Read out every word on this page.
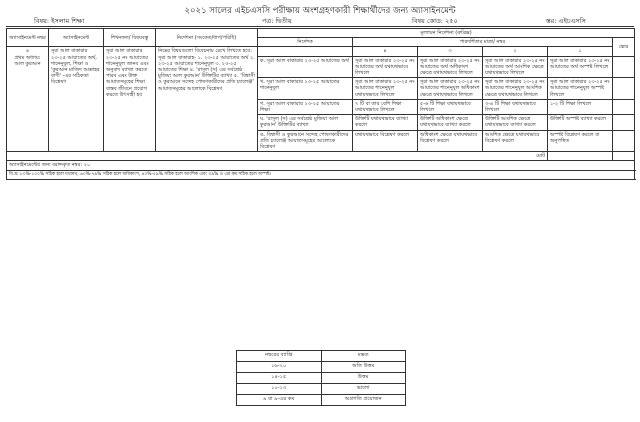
২০২১ সালের এইচএসসি পরীক্ষায় অংশগ্রহণকারী শিক্ষার্থীদের জন্য অ্যাসাইনমেন্ট
বিষয়: ইসলাম শিক্ষা	পত্র: দ্বিতীয়	বিষয় কোড: ২৫০	স্তর: এইচএসসি
অ্যাসাইনমেন্ট নম্বর	অ্যাসাইনমেন্ট	শিখনফল/ বিষয়বস্তু	নির্দেশনা (সংকেত/ধাপ/পরিধি)	মূল্যায়ন নির্দেশনা (রুব্রিক্স)	
				নির্দেশক	পারদর্শিতার মাত্রা/ নম্বর				স্কোর	

৪
প্রথম অধ্যায়: আল কুরআন	সূরা আল বাকারার ২৩-২৫ আয়াতের অর্থ, শানেনুযূল, শিক্ষা ও 'কুরআন মাজিদ আল্লাহর বাণী' -এর সঠিকতা বিশ্লেষণ	সূরা আল বাকারার ২৩-২৫ নং আয়াতের শানেনুযূল জানব এবং অনুবাদ ব্যাখ্যা করতে পারব এবং উক্ত আয়াতসমূহের শিক্ষা বাস্তব জীবনে প্রয়োগ করতে উৎসাহী হব	নিম্নের বিষয়গুলো বিবেচনায় রেখে লিখতে হবে: সূরা আল বাকারাহ- ১. ২৩-২৫ আয়াতের অর্থ ২. ২৩-২৫ আয়াতের শানেনুযূল ৩. ২৩-২৫ আয়াতের শিক্ষা ৪. 'রাসূল (স) এর সর্বশ্রেষ্ঠ মুজিযা আল কুরআন' উক্তিটির ব্যাখ্যা ৫. 'বিশ্বাসী ও কুরআনে সন্দেহ পোষণকারীদের প্রতি চ্যালেঞ্জ' আয়াতসমূহের আলোকে বিশ্লেষণ		৪	৩	২	১		
				ক. সূরা আল বাকারার ২৩-২৫ আয়াতের অর্থ	সূরা আল বাকারার ২৩-২৫ নং আয়াতের অর্থ যথাযথভাবে লিখলে	সূরা আল বাকারার ২৩-২৫ নং আয়াতের অর্থ অধিকাংশ ক্ষেত্রে যথাযথভাবে লিখলে	সূরা আল বাকারার ২৩-২৫ নং আয়াতের অর্থ আংশিক ক্ষেত্রে যথাযথভাবে লিখলে	সূরা আল বাকারার ২৩-২৫ নং আয়াতের অর্থ অস্পষ্ট লিখলে		
				খ. সূরা আল বাকারার ২৩-২৫ আয়াতের শানেনুযূল	সূরা আল বাকারার ২৩-২৫ নং আয়াতের শানেনুযূল যথাযথভাবে লিখলে	সূরা আল বাকারার ২৩-২৫ নং আয়াতের শানেনুযূল অধিকাংশ ক্ষেত্রে যথাযথভাবে লিখলে	সূরা আল বাকারার ২৩-২৫ নং আয়াতের শানেনুযূল আংশিক ক্ষেত্রে যথাযথভাবে লিখলে	সূরা আল বাকারার ২৩-২৫ নং আয়াতের শানেনুযূল অস্পষ্ট লিখলে		
				গ. সূরা আল বাকারার ২৩-২৫ আয়াতের শিক্ষা	৭ টি বা তার বেশি শিক্ষা যথাযথভাবে লিখলে	৫-৬ টি শিক্ষা যথাযথভাবে লিখলে	৩-৪ টি শিক্ষা যথাযথভাবে লিখলে	১-২ টি শিক্ষা লিখলে		
				ঘ. 'রাসূল (স) এর সর্বশ্রেষ্ঠ মুজিযা আল কুরআন' উক্তিটির ব্যাখ্যা	উক্তিটি যথাযথভাবে ব্যাখ্যা করলে	উক্তিটি অধিকাংশ ক্ষেত্রে যথাযথভাবে ব্যাখ্যা করলে	উক্তিটি আংশিক ক্ষেত্রে যথাযথভাবে ব্যাখ্যা করলে	উক্তিটি অস্পষ্ট ব্যাখ্যা করলে		
				ঙ. বিশ্বাসী ও কুরআনে সন্দেহ পোষণকারীদের প্রতি চ্যালেঞ্জ আয়াতসমূহের আলোকে বিশ্লেষণ	যথাযথভাবে বিশ্লেষণ করলে	অধিকাংশ ক্ষেত্রে যথাযথভাবে বিশ্লেষণ করলে	আংশিক ক্ষেত্রে যথাযথভাবে বিশ্লেষণ করলে	অস্পষ্ট বিশ্লেষণ করলে বা অনুপস্থিত		
মোট										
অ্যাসাইনমেন্টের জন্য বরাদ্দকৃত নম্বর: ২০										
বি.দ্র: ৮০%-১০০% সঠিক হলে যথাযথ, ৬০%-৭৯% সঠিক হলে অধিকাংশ, ৪০%-৫৯% সঠিক হলে আংশিক এবং ৩৯% ও এর কম সঠিক হলে অস্পষ্ট।										
নম্বরের ব্যাপ্তি	মন্তব্য
১৬-২০	অতি উত্তম
১৪-১৫	উত্তম
১০-১৩	ভালো
৯ বা ৯-এর কম	অগ্রগতি প্রয়োজন
